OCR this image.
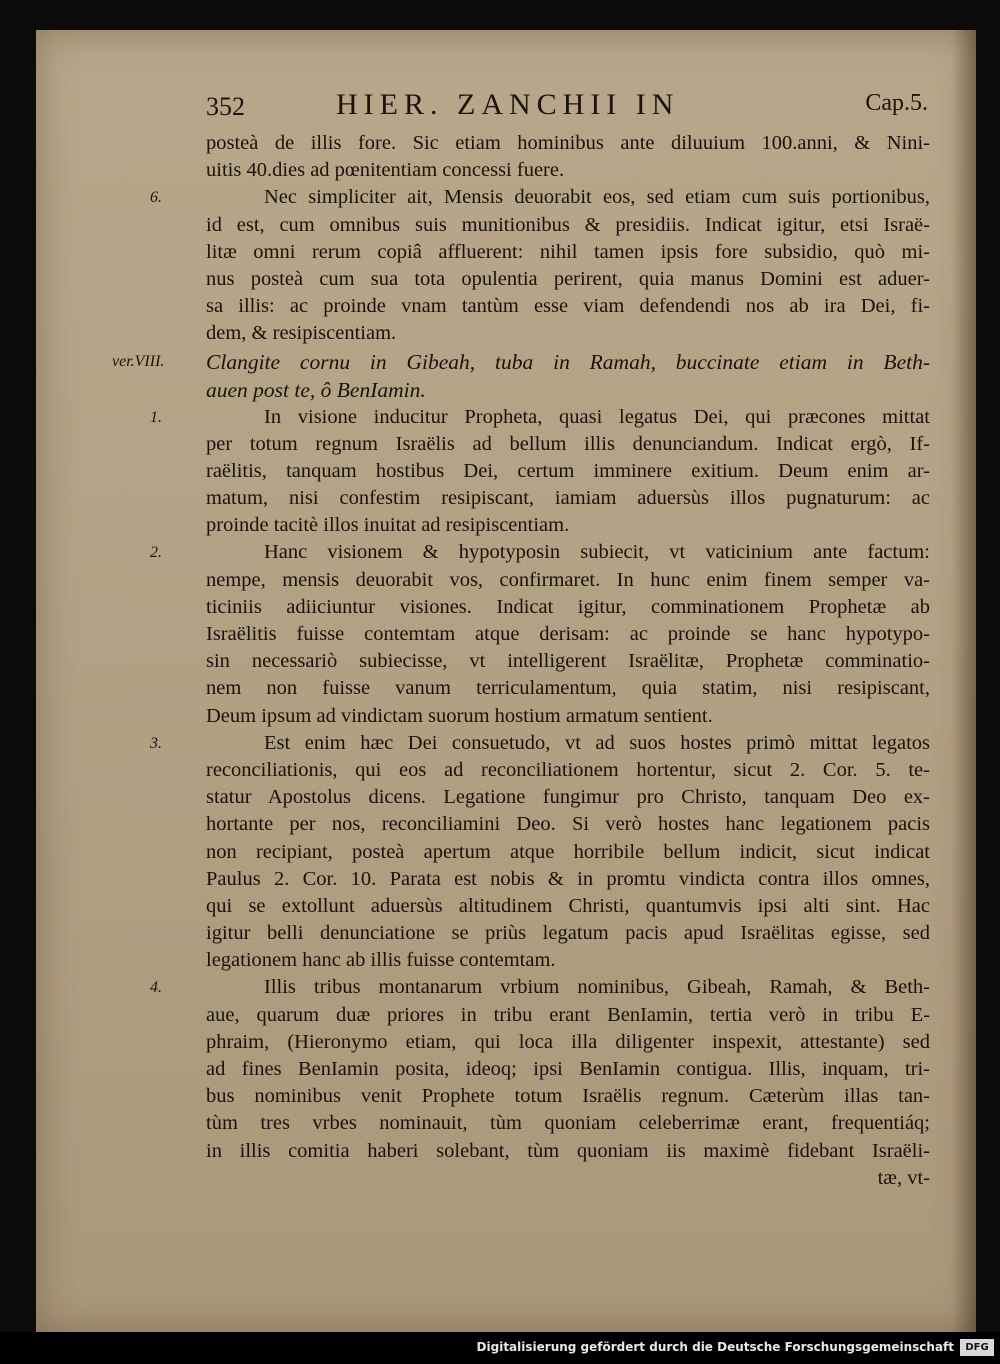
352	HIER. ZANCHII IN	Cap.5.
posteà de illis fore. Sic etiam hominibus ante diluuium 100.anni, & Nini-
uitis 40.dies ad pœnitentiam concessi fuere.
6.	Nec simpliciter ait, Mensis deuorabit eos, sed etiam cum suis portionibus,
id est, cum omnibus suis munitionibus & presidiis. Indicat igitur, etsi Israë-
litæ omni rerum copiâ affluerent: nihil tamen ipsis fore subsidio, quò mi-
nus posteà cum sua tota opulentia perirent, quia manus Domini est aduer-
sa illis: ac proinde vnam tantùm esse viam defendendi nos ab ira Dei, fi-
dem, & resipiscentiam.
ver.VIII. Clangite cornu in Gibeah, tuba in Ramah, buccinate etiam in Beth-
auen post te, ô BenIamin.
1.	In visione inducitur Propheta, quasi legatus Dei, qui præcones mittat
per totum regnum Israëlis ad bellum illis denunciandum. Indicat ergò, If-
raëlitis, tanquam hostibus Dei, certum imminere exitium. Deum enim ar-
matum, nisi confestim resipiscant, iamiam aduersùs illos pugnaturum: ac
proinde tacitè illos inuitat ad resipiscentiam.
2.	Hanc visionem & hypotyposin subiecit, vt vaticinium ante factum:
nempe, mensis deuorabit vos, confirmaret. In hunc enim finem semper va-
ticiniis adiiciuntur visiones. Indicat igitur, comminationem Prophetæ ab
Israëlitis fuisse contemtam atque derisam: ac proinde se hanc hypotypo-
sin necessariò subiecisse, vt intelligerent Israëlitæ, Prophetæ comminatio-
nem non fuisse vanum terriculamentum, quia statim, nisi resipiscant,
Deum ipsum ad vindictam suorum hostium armatum sentient.
3.	Est enim hæc Dei consuetudo, vt ad suos hostes primò mittat legatos
reconciliationis, qui eos ad reconciliationem hortentur, sicut 2. Cor. 5. te-
statur Apostolus dicens. Legatione fungimur pro Christo, tanquam Deo ex-
hortante per nos, reconciliamini Deo. Si verò hostes hanc legationem pacis
non recipiant, posteà apertum atque horribile bellum indicit, sicut indicat
Paulus 2. Cor. 10. Parata est nobis & in promtu vindicta contra illos omnes,
qui se extollunt aduersùs altitudinem Christi, quantumvis ipsi alti sint. Hac
igitur belli denunciatione se priùs legatum pacis apud Israëlitas egisse, sed
legationem hanc ab illis fuisse contemtam.
4.	Illis tribus montanarum vrbium nominibus, Gibeah, Ramah, & Beth-
aue, quarum duæ priores in tribu erant BenIamin, tertia verò in tribu E-
phraim, (Hieronymo etiam, qui loca illa diligenter inspexit, attestante) sed
ad fines BenIamin posita, ideoq; ipsi BenIamin contigua. Illis, inquam, tri-
bus nominibus venit Prophete totum Israëlis regnum. Cæterùm illas tan-
tùm tres vrbes nominauit, tùm quoniam celeberrimæ erant, frequentiáq;
in illis comitia haberi solebant, tùm quoniam iis maximè fidebant Israëli-
tæ, vt-
Digitalisierung gefördert durch die Deutsche Forschungsgemeinschaft	DFG
